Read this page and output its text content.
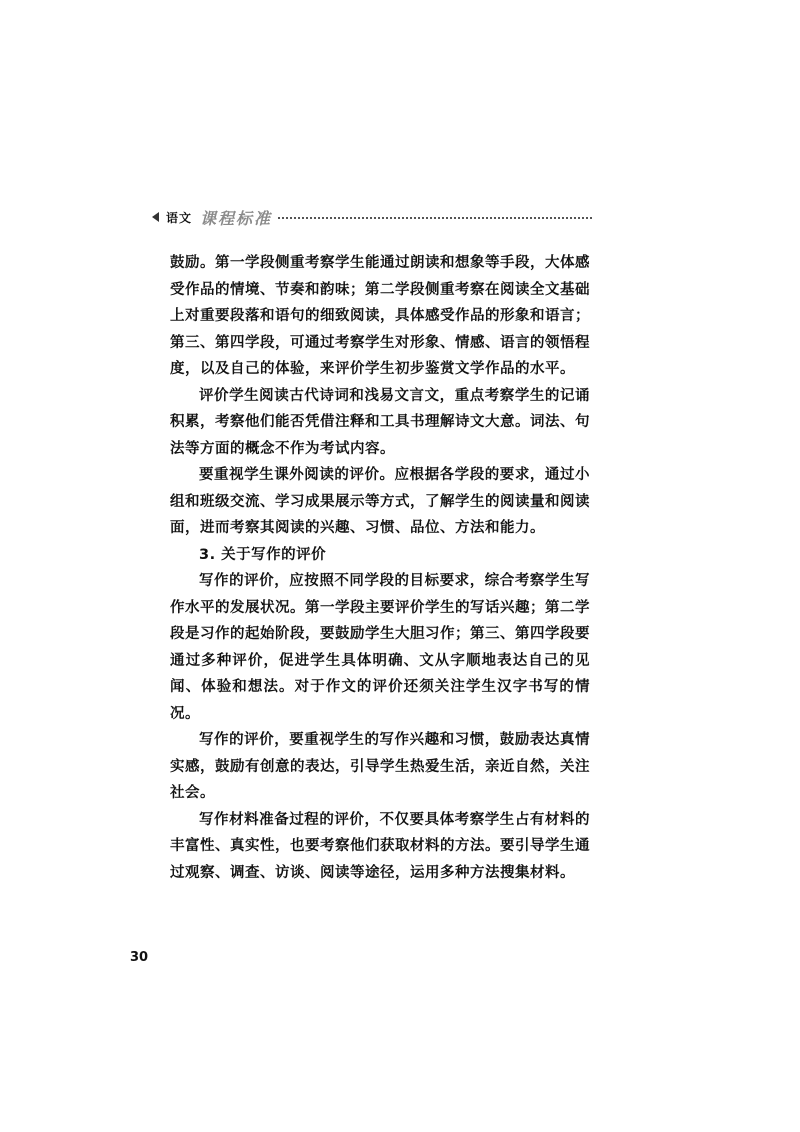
语文 课程标准

鼓励。第一学段侧重考察学生能通过朗读和想象等手段，大体感受作品的情境、节奏和韵味；第二学段侧重考察在阅读全文基础上对重要段落和语句的细致阅读，具体感受作品的形象和语言；第三、第四学段，可通过考察学生对形象、情感、语言的领悟程度，以及自己的体验，来评价学生初步鉴赏文学作品的水平。

评价学生阅读古代诗词和浅易文言文，重点考察学生的记诵积累，考察他们能否凭借注释和工具书理解诗文大意。词法、句法等方面的概念不作为考试内容。

要重视学生课外阅读的评价。应根据各学段的要求，通过小组和班级交流、学习成果展示等方式，了解学生的阅读量和阅读面，进而考察其阅读的兴趣、习惯、品位、方法和能力。

3. 关于写作的评价

写作的评价，应按照不同学段的目标要求，综合考察学生写作水平的发展状况。第一学段主要评价学生的写话兴趣；第二学段是习作的起始阶段，要鼓励学生大胆习作；第三、第四学段要通过多种评价，促进学生具体明确、文从字顺地表达自己的见闻、体验和想法。对于作文的评价还须关注学生汉字书写的情况。

写作的评价，要重视学生的写作兴趣和习惯，鼓励表达真情实感，鼓励有创意的表达，引导学生热爱生活，亲近自然，关注社会。

写作材料准备过程的评价，不仅要具体考察学生占有材料的丰富性、真实性，也要考察他们获取材料的方法。要引导学生通过观察、调查、访谈、阅读等途径，运用多种方法搜集材料。

30
